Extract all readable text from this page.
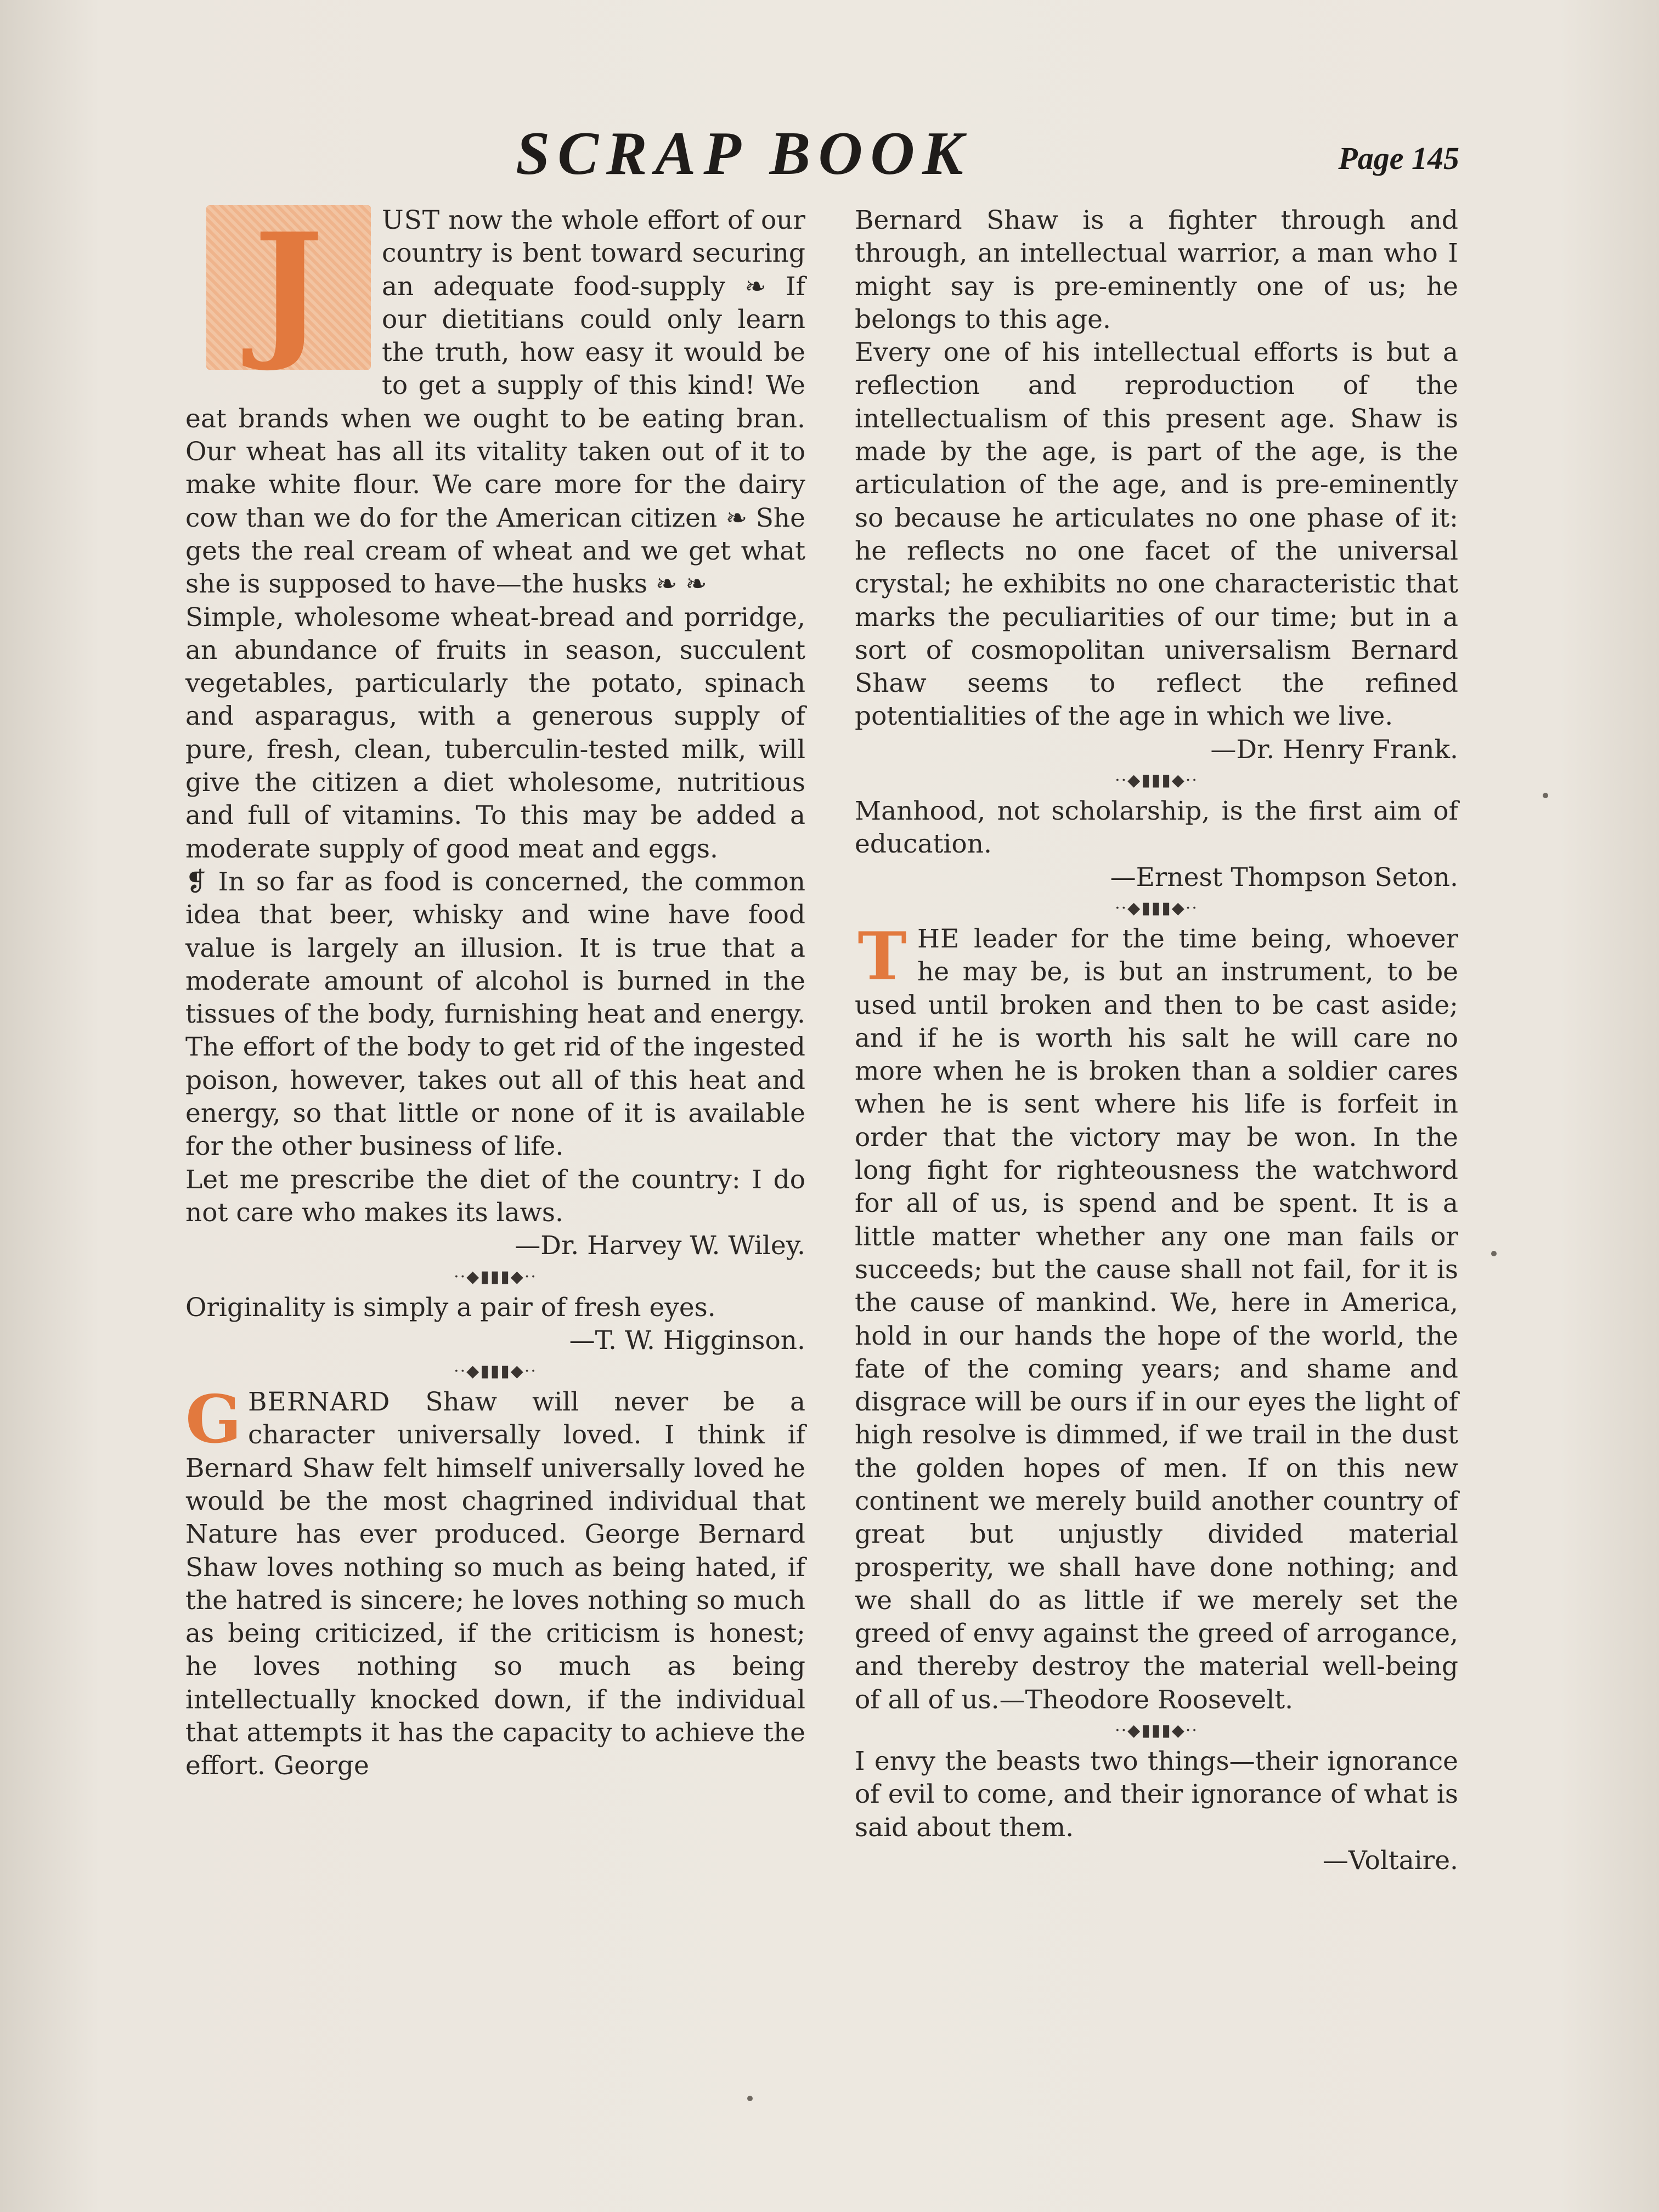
SCRAP BOOK	Page 145

J	UST now the whole effort of our country is bent toward securing an adequate food-supply ❧ If our dietitians could only learn the truth, how easy it would be to get a supply of this kind! We eat brands when we ought to be eating bran. Our wheat has all its vitality taken out of it to make white flour. We care more for the dairy cow than we do for the American citizen ❧ She gets the real cream of wheat and we get what she is supposed to have—the husks ❧ ❧

Simple, wholesome wheat-bread and porridge, an abundance of fruits in season, succulent vegetables, particularly the potato, spinach and asparagus, with a generous supply of pure, fresh, clean, tuberculin-tested milk, will give the citizen a diet wholesome, nutritious and full of vitamins. To this may be added a moderate supply of good meat and eggs.

❡ In so far as food is concerned, the common idea that beer, whisky and wine have food value is largely an illusion. It is true that a moderate amount of alcohol is burned in the tissues of the body, furnishing heat and energy. The effort of the body to get rid of the ingested poison, however, takes out all of this heat and energy, so that little or none of it is available for the other business of life.

Let me prescribe the diet of the country: I do not care who makes its laws.

—Dr. Harvey W. Wiley.

··◆▮▮▮◆··

Originality is simply a pair of fresh eyes.

—T. W. Higginson.

··◆▮▮▮◆··

G BERNARD Shaw will never be a character universally loved. I think if Bernard Shaw felt himself universally loved he would be the most chagrined individual that Nature has ever produced. George Bernard Shaw loves nothing so much as being hated, if the hatred is sincere; he loves nothing so much as being criticized, if the criticism is honest; he loves nothing so much as being intellectually knocked down, if the individual that attempts it has the capacity to achieve the effort. George

Bernard Shaw is a fighter through and through, an intellectual warrior, a man who I might say is pre-eminently one of us; he belongs to this age.

Every one of his intellectual efforts is but a reflection and reproduction of the intellectualism of this present age. Shaw is made by the age, is part of the age, is the articulation of the age, and is pre-eminently so because he articulates no one phase of it: he reflects no one facet of the universal crystal; he exhibits no one characteristic that marks the peculiarities of our time; but in a sort of cosmopolitan universalism Bernard Shaw seems to reflect the refined potentialities of the age in which we live.

—Dr. Henry Frank.

··◆▮▮▮◆··

Manhood, not scholarship, is the first aim of education.

—Ernest Thompson Seton.

··◆▮▮▮◆··

T HE leader for the time being, whoever he may be, is but an instrument, to be used until broken and then to be cast aside; and if he is worth his salt he will care no more when he is broken than a soldier cares when he is sent where his life is forfeit in order that the victory may be won. In the long fight for righteousness the watchword for all of us, is spend and be spent. It is a little matter whether any one man fails or succeeds; but the cause shall not fail, for it is the cause of mankind. We, here in America, hold in our hands the hope of the world, the fate of the coming years; and shame and disgrace will be ours if in our eyes the light of high resolve is dimmed, if we trail in the dust the golden hopes of men. If on this new continent we merely build another country of great but unjustly divided material prosperity, we shall have done nothing; and we shall do as little if we merely set the greed of envy against the greed of arrogance, and thereby destroy the material well-being of all of us.—Theodore Roosevelt.

··◆▮▮▮◆··

I envy the beasts two things—their ignorance of evil to come, and their ignorance of what is said about them.

—Voltaire.
